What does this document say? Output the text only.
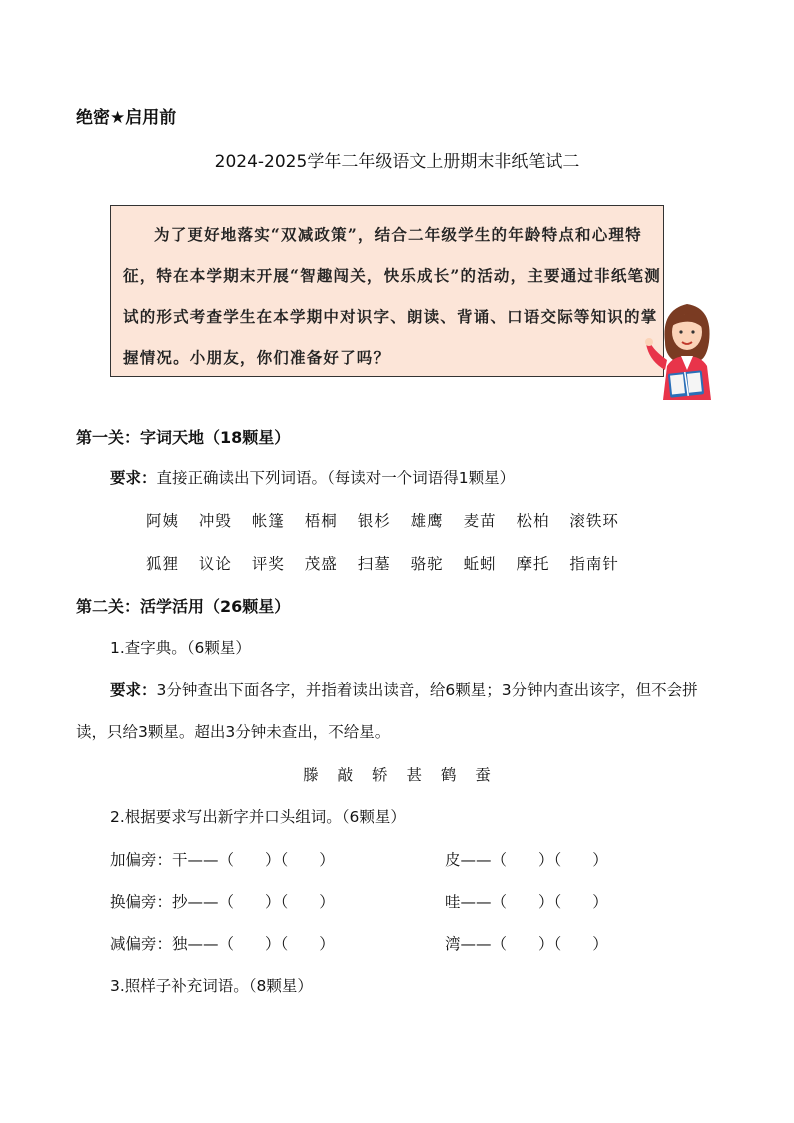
绝密★启用前
2024-2025学年二年级语文上册期末非纸笔试二
为了更好地落实“双减政策”，结合二年级学生的年龄特点和心理特征，特在本学期末开展“智趣闯关，快乐成长”的活动，主要通过非纸笔测试的形式考查学生在本学期中对识字、朗读、背诵、口语交际等知识的掌握情况。小朋友，你们准备好了吗？
第一关：字词天地（18颗星）
要求：直接正确读出下列词语。（每读对一个词语得1颗星）
阿姨 冲毁 帐篷 梧桐 银杉 雄鹰 麦苗 松柏 滚铁环
狐狸 议论 评奖 茂盛 扫墓 骆驼 蚯蚓 摩托 指南针
第二关：活学活用（26颗星）
1.查字典。（6颗星）
要求：3分钟查出下面各字，并指着读出读音，给6颗星；3分钟内查出该字，但不会拼读，只给3颗星。超出3分钟未查出，不给星。
滕 敲 轿 甚 鹤 蚕
2.根据要求写出新字并口头组词。（6颗星）
加偏旁：干——（　　）（　　）	皮——（　　）（　　）
换偏旁：抄——（　　）（　　）	哇——（　　）（　　）
减偏旁：独——（　　）（　　）	湾——（　　）（　　）
3.照样子补充词语。（8颗星）
